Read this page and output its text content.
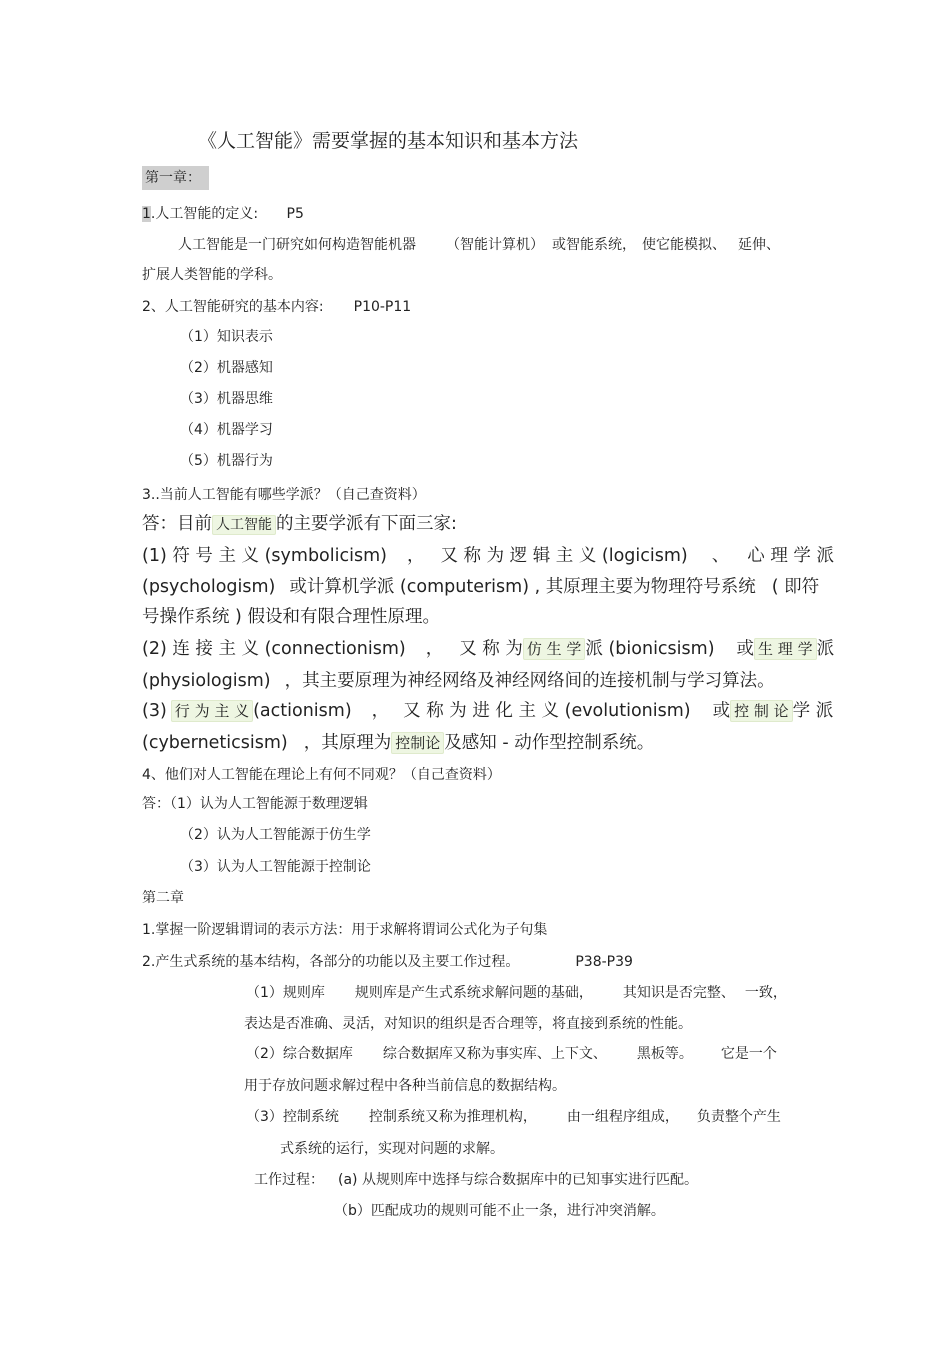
《人工智能》需要掌握的基本知识和基本方法
第一章：
1.人工智能的定义: P5
人工智能是一门研究如何构造智能机器 （智能计算机） 或智能系统， 使它能模拟、 延伸、
扩展人类智能的学科。
2、人工智能研究的基本内容: P10-P11
（1）知识表示
（2）机器感知
（3）机器思维
（4）机器学习
（5）机器行为
3..当前人工智能有哪些学派？（自己查资料）
答：目前 人工智能 的主要学派有下面三家:
(1) 符 号 主 义 (symbolicism) ， 又 称 为 逻 辑 主 义 (logicism) 、 心 理 学 派
(psychologism) 或计算机学派 (computerism) , 其原理主要为物理符号系统 ( 即符
号操作系统 ) 假设和有限合理性原理。
(2) 连 接 主 义 (connectionism) ， 又 称 为 仿 生 学 派 (bionicsism) 或 生 理 学 派
(physiologism) ，其主要原理为神经网络及神经网络间的连接机制与学习算法。
(3) 行 为 主 义 (actionism) ， 又 称 为 进 化 主 义 (evolutionism) 或 控 制 论 学 派
(cyberneticsism) ，其原理为 控制论 及感知 - 动作型控制系统。
4、他们对人工智能在理论上有何不同观？（自己查资料）
答：（1）认为人工智能源于数理逻辑
（2）认为人工智能源于仿生学
（3）认为人工智能源于控制论
第二章
1.掌握一阶逻辑谓词的表示方法：用于求解将谓词公式化为子句集
2.产生式系统的基本结构，各部分的功能以及主要工作过程。	P38-P39
（1）规则库 规则库是产生式系统求解问题的基础， 其知识是否完整、 一致，
表达是否准确、灵活，对知识的组织是否合理等，将直接到系统的性能。
（2）综合数据库 综合数据库又称为事实库、上下文、 黑板等。 它是一个
用于存放问题求解过程中各种当前信息的数据结构。
（3）控制系统 控制系统又称为推理机构， 由一组程序组成， 负责整个产生
式系统的运行，实现对问题的求解。
工作过程： (a) 从规则库中选择与综合数据库中的已知事实进行匹配。
（b）匹配成功的规则可能不止一条，进行冲突消解。
